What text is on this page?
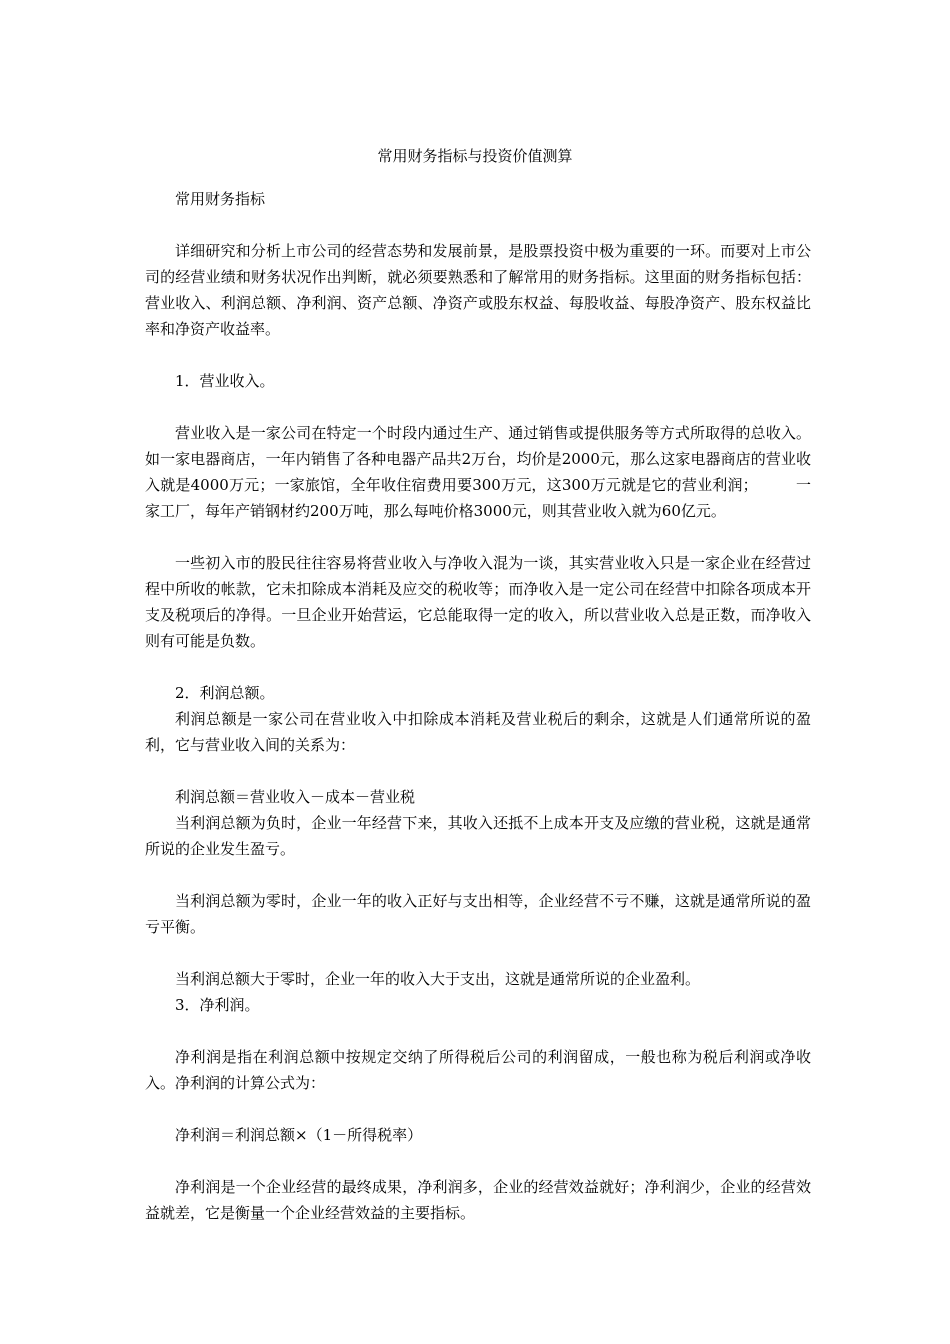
常用财务指标与投资价值测算

常用财务指标

详细研究和分析上市公司的经营态势和发展前景，是股票投资中极为重要的一环。而要对上市公司的经营业绩和财务状况作出判断，就必须要熟悉和了解常用的财务指标。这里面的财务指标包括：营业收入、利润总额、净利润、资产总额、净资产或股东权益、每股收益、每股净资产、股东权益比率和净资产收益率。

1．营业收入。

营业收入是一家公司在特定一个时段内通过生产、通过销售或提供服务等方式所取得的总收入。如一家电器商店，一年内销售了各种电器产品共2万台，均价是2000元，那么这家电器商店的营业收入就是4000万元；一家旅馆，全年收住宿费用要300万元，这300万元就是它的营业利润；　　　一家工厂，每年产销钢材约200万吨，那么每吨价格3000元，则其营业收入就为60亿元。

一些初入市的股民往往容易将营业收入与净收入混为一谈，其实营业收入只是一家企业在经营过程中所收的帐款，它未扣除成本消耗及应交的税收等；而净收入是一定公司在经营中扣除各项成本开支及税项后的净得。一旦企业开始营运，它总能取得一定的收入，所以营业收入总是正数，而净收入则有可能是负数。

2．利润总额。

利润总额是一家公司在营业收入中扣除成本消耗及营业税后的剩余，这就是人们通常所说的盈利，它与营业收入间的关系为：

利润总额＝营业收入－成本－营业税

当利润总额为负时，企业一年经营下来，其收入还抵不上成本开支及应缴的营业税，这就是通常所说的企业发生盈亏。

当利润总额为零时，企业一年的收入正好与支出相等，企业经营不亏不赚，这就是通常所说的盈亏平衡。

当利润总额大于零时，企业一年的收入大于支出，这就是通常所说的企业盈利。

3．净利润。

净利润是指在利润总额中按规定交纳了所得税后公司的利润留成，一般也称为税后利润或净收入。净利润的计算公式为：

净利润＝利润总额×（1－所得税率）

净利润是一个企业经营的最终成果，净利润多，企业的经营效益就好；净利润少，企业的经营效益就差，它是衡量一个企业经营效益的主要指标。
